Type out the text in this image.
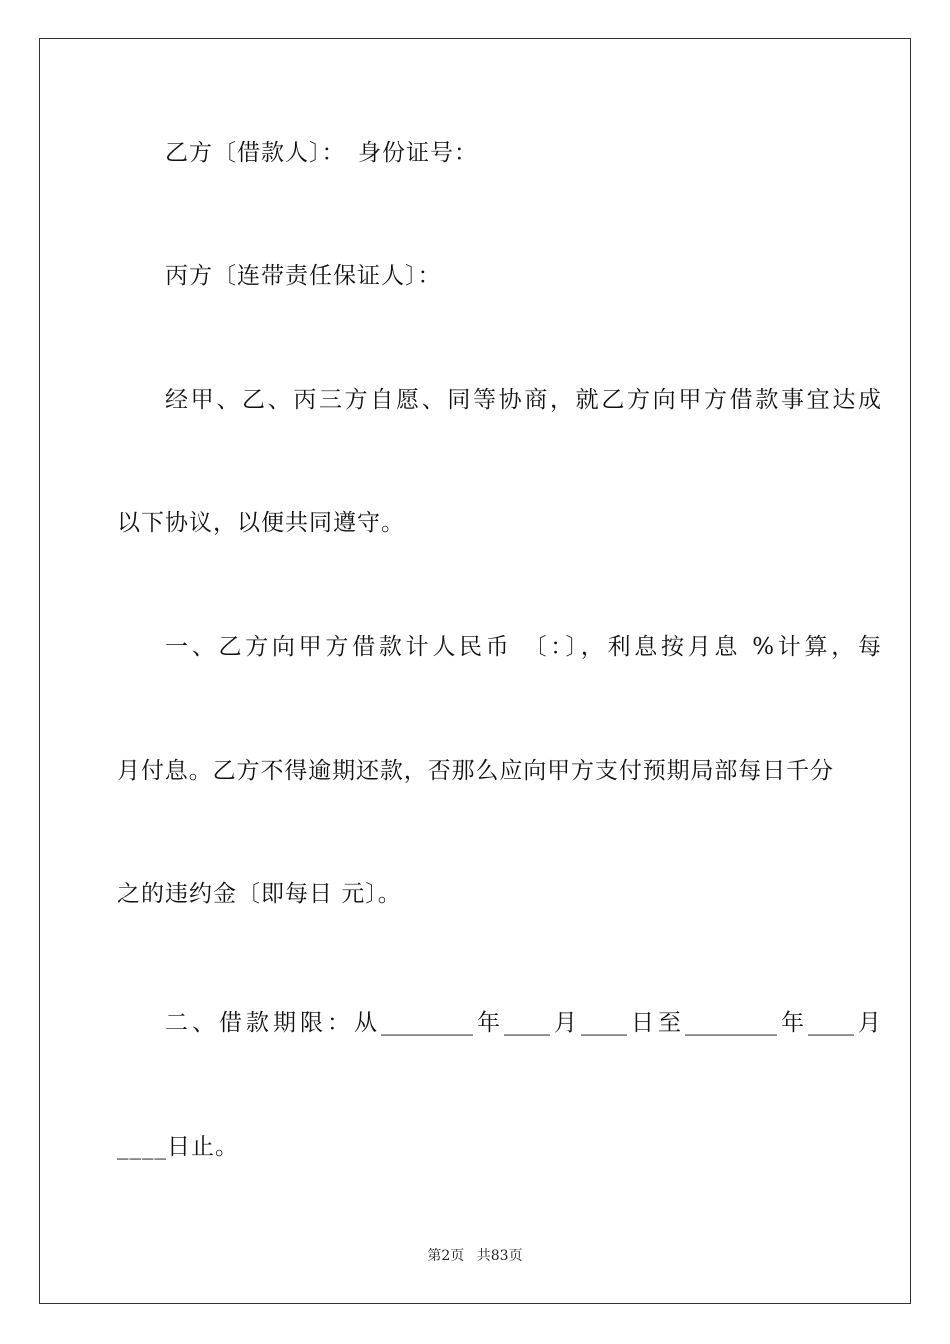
乙方〔借款人〕：　身份证号：
丙方〔连带责任保证人〕：
经甲、乙、丙三方自愿、同等协商，就乙方向甲方借款事宜达成
以下协议，以便共同遵守。
一、乙方向甲方借款计人民币 〔：〕，利息按月息 %计算，每
月付息。乙方不得逾期还款，否那么应向甲方支付预期局部每日千分
之的违约金〔即每日 元〕。
二、借款期限：从________年____月____日至________年____月
____日止。
第2页 共83页
